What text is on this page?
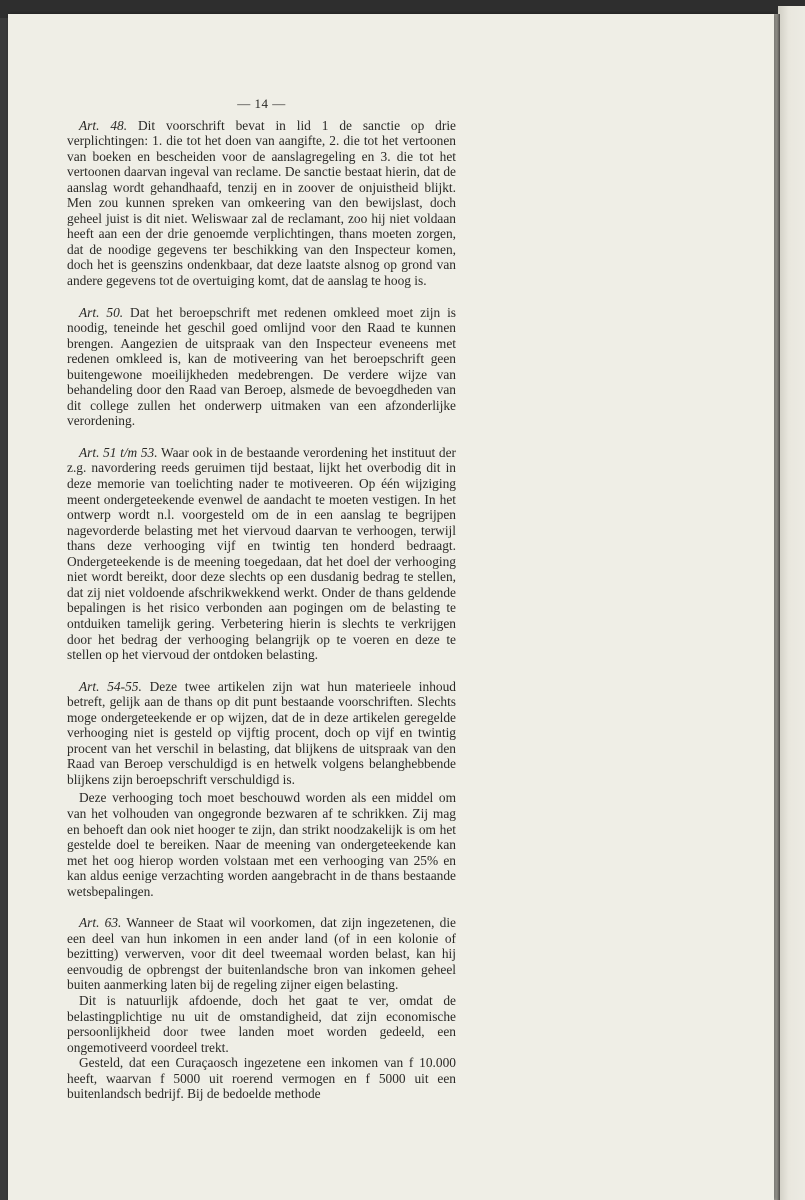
— 14 —

Art. 48. Dit voorschrift bevat in lid 1 de sanctie op drie verplichtingen: 1. die tot het doen van aangifte, 2. die tot het vertoonen van boeken en bescheiden voor de aanslagregeling en 3. die tot het vertoonen daarvan ingeval van reclame. De sanctie bestaat hierin, dat de aanslag wordt gehandhaafd, tenzij en in zoover de onjuistheid blijkt. Men zou kunnen spreken van omkeering van den bewijslast, doch geheel juist is dit niet. Weliswaar zal de reclamant, zoo hij niet voldaan heeft aan een der drie genoemde verplichtingen, thans moeten zorgen, dat de noodige gegevens ter beschikking van den Inspecteur komen, doch het is geenszins ondenkbaar, dat deze laatste alsnog op grond van andere gegevens tot de overtuiging komt, dat de aanslag te hoog is.

Art. 50. Dat het beroepschrift met redenen omkleed moet zijn is noodig, teneinde het geschil goed omlijnd voor den Raad te kunnen brengen. Aangezien de uitspraak van den Inspecteur eveneens met redenen omkleed is, kan de motiveering van het beroepschrift geen buitengewone moeilijkheden medebrengen. De verdere wijze van behandeling door den Raad van Beroep, alsmede de bevoegdheden van dit college zullen het onderwerp uitmaken van een afzonderlijke verordening.

Art. 51 t/m 53. Waar ook in de bestaande verordening het instituut der z.g. navordering reeds geruimen tijd bestaat, lijkt het overbodig dit in deze memorie van toelichting nader te motiveeren. Op één wijziging meent ondergeteekende evenwel de aandacht te moeten vestigen. In het ontwerp wordt n.l. voorgesteld om de in een aanslag te begrijpen nagevorderde belasting met het viervoud daarvan te verhoogen, terwijl thans deze verhooging vijf en twintig ten honderd bedraagt. Ondergeteekende is de meening toegedaan, dat het doel der verhooging niet wordt bereikt, door deze slechts op een dusdanig bedrag te stellen, dat zij niet voldoende afschrikwekkend werkt. Onder de thans geldende bepalingen is het risico verbonden aan pogingen om de belasting te ontduiken tamelijk gering. Verbetering hierin is slechts te verkrijgen door het bedrag der verhooging belangrijk op te voeren en deze te stellen op het viervoud der ontdoken belasting.

Art. 54-55. Deze twee artikelen zijn wat hun materieele inhoud betreft, gelijk aan de thans op dit punt bestaande voorschriften. Slechts moge ondergeteekende er op wijzen, dat de in deze artikelen geregelde verhooging niet is gesteld op vijftig procent, doch op vijf en twintig procent van het verschil in belasting, dat blijkens de uitspraak van den Raad van Beroep verschuldigd is en hetwelk volgens belanghebbende blijkens zijn beroepschrift verschuldigd is.

Deze verhooging toch moet beschouwd worden als een middel om van het volhouden van ongegronde bezwaren af te schrikken. Zij mag en behoeft dan ook niet hooger te zijn, dan strikt noodzakelijk is om het gestelde doel te bereiken. Naar de meening van ondergeteekende kan met het oog hierop worden volstaan met een verhooging van 25% en kan aldus eenige verzachting worden aangebracht in de thans bestaande wetsbepalingen.

Art. 63. Wanneer de Staat wil voorkomen, dat zijn ingezetenen, die een deel van hun inkomen in een ander land (of in een kolonie of bezitting) verwerven, voor dit deel tweemaal worden belast, kan hij eenvoudig de opbrengst der buitenlandsche bron van inkomen geheel buiten aanmerking laten bij de regeling zijner eigen belasting.

Dit is natuurlijk afdoende, doch het gaat te ver, omdat de belastingplichtige nu uit de omstandigheid, dat zijn economische persoonlijkheid door twee landen moet worden gedeeld, een ongemotiveerd voordeel trekt.

Gesteld, dat een Curaçaosch ingezetene een inkomen van f 10.000 heeft, waarvan f 5000 uit roerend vermogen en f 5000 uit een buitenlandsch bedrijf. Bij de bedoelde methode
